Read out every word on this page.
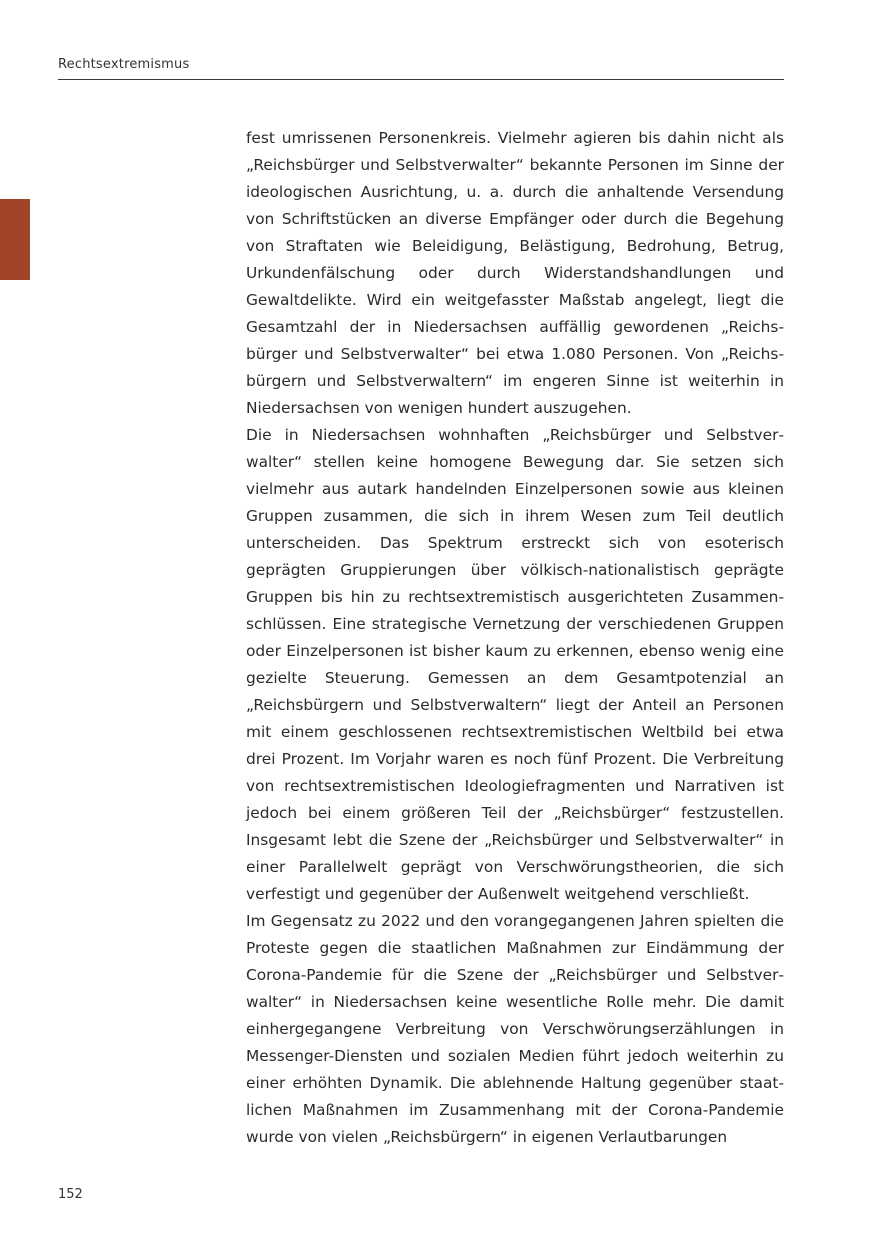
Rechtsextremismus

fest umrissenen Personenkreis. Vielmehr agieren bis dahin nicht als „Reichsbürger und Selbstverwalter“ bekannte Personen im Sinne der ideologischen Ausrichtung, u. a. durch die anhaltende Versendung von Schriftstücken an diverse Empfänger oder durch die Begehung von Straftaten wie Beleidigung, Belästigung, Bedrohung, Betrug, Urkundenfälschung oder durch Widerstandshandlungen und Gewaltdelikte. Wird ein weitgefasster Maßstab angelegt, liegt die Gesamtzahl der in Niedersachsen auffällig gewordenen „Reichsbürger und Selbstverwalter“ bei etwa 1.080 Personen. Von „Reichsbürgern und Selbstverwaltern“ im engeren Sinne ist weiterhin in Niedersachsen von wenigen hundert auszugehen.

Die in Niedersachsen wohnhaften „Reichsbürger und Selbstverwalter“ stellen keine homogene Bewegung dar. Sie setzen sich vielmehr aus autark handelnden Einzelpersonen sowie aus kleinen Gruppen zusammen, die sich in ihrem Wesen zum Teil deutlich unterscheiden. Das Spektrum erstreckt sich von esoterisch geprägten Gruppierungen über völkisch-nationalistisch geprägte Gruppen bis hin zu rechtsextremistisch ausgerichteten Zusammenschlüssen. Eine strategische Vernetzung der verschiedenen Gruppen oder Einzelpersonen ist bisher kaum zu erkennen, ebenso wenig eine gezielte Steuerung. Gemessen an dem Gesamtpotenzial an „Reichsbürgern und Selbstverwaltern“ liegt der Anteil an Personen mit einem geschlossenen rechtsextremistischen Weltbild bei etwa drei Prozent. Im Vorjahr waren es noch fünf Prozent. Die Verbreitung von rechtsextremistischen Ideologiefragmenten und Narrativen ist jedoch bei einem größeren Teil der „Reichsbürger“ festzustellen. Insgesamt lebt die Szene der „Reichsbürger und Selbstverwalter“ in einer Parallelwelt geprägt von Verschwörungstheorien, die sich verfestigt und gegenüber der Außenwelt weitgehend verschließt.

Im Gegensatz zu 2022 und den vorangegangenen Jahren spielten die Proteste gegen die staatlichen Maßnahmen zur Eindämmung der Corona-Pandemie für die Szene der „Reichsbürger und Selbstverwalter“ in Niedersachsen keine wesentliche Rolle mehr. Die damit einhergegangene Verbreitung von Verschwörungserzählungen in Messenger-Diensten und sozialen Medien führt jedoch weiterhin zu einer erhöhten Dynamik. Die ablehnende Haltung gegenüber staatlichen Maßnahmen im Zusammenhang mit der Corona-Pandemie wurde von vielen „Reichsbürgern“ in eigenen Verlautbarungen

152
